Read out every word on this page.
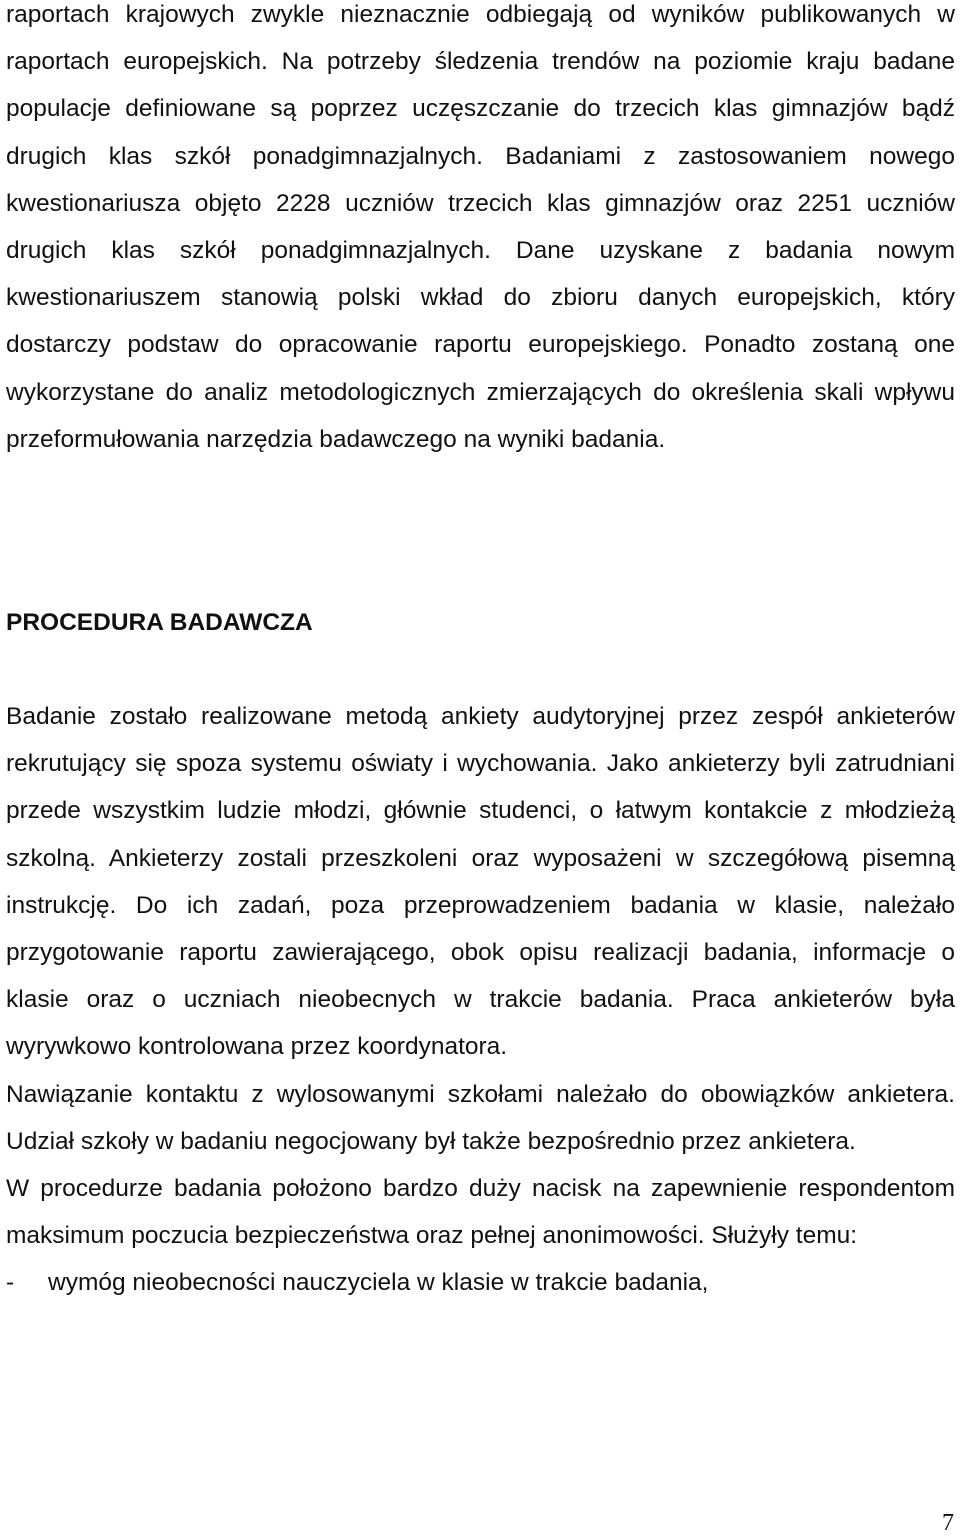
raportach krajowych zwykle nieznacznie odbiegają od wyników publikowanych w raportach europejskich. Na potrzeby śledzenia trendów na poziomie kraju badane populacje definiowane są poprzez uczęszczanie do trzecich klas gimnazjów bądź drugich klas szkół ponadgimnazjalnych. Badaniami z zastosowaniem nowego kwestionariusza objęto 2228 uczniów trzecich klas gimnazjów oraz 2251 uczniów drugich klas szkół ponadgimnazjalnych. Dane uzyskane z badania nowym kwestionariuszem stanowią polski wkład do zbioru danych europejskich, który dostarczy podstaw do opracowanie raportu europejskiego. Ponadto zostaną one wykorzystane do analiz metodologicznych zmierzających do określenia skali wpływu przeformułowania narzędzia badawczego na wyniki badania.

PROCEDURA BADAWCZA

Badanie zostało realizowane metodą ankiety audytoryjnej przez zespół ankieterów rekrutujący się spoza systemu oświaty i wychowania. Jako ankieterzy byli zatrudniani przede wszystkim ludzie młodzi, głównie studenci, o łatwym kontakcie z młodzieżą szkolną. Ankieterzy zostali przeszkoleni oraz wyposażeni w szczegółową pisemną instrukcję. Do ich zadań, poza przeprowadzeniem badania w klasie, należało przygotowanie raportu zawierającego, obok opisu realizacji badania, informacje o klasie oraz o uczniach nieobecnych w trakcie badania. Praca ankieterów była wyrywkowo kontrolowana przez koordynatora.

Nawiązanie kontaktu z wylosowanymi szkołami należało do obowiązków ankietera. Udział szkoły w badaniu negocjowany był także bezpośrednio przez ankietera.

W procedurze badania położono bardzo duży nacisk na zapewnienie respondentom maksimum poczucia bezpieczeństwa oraz pełnej anonimowości. Służyły temu:

-	wymóg nieobecności nauczyciela w klasie w trakcie badania,
7
